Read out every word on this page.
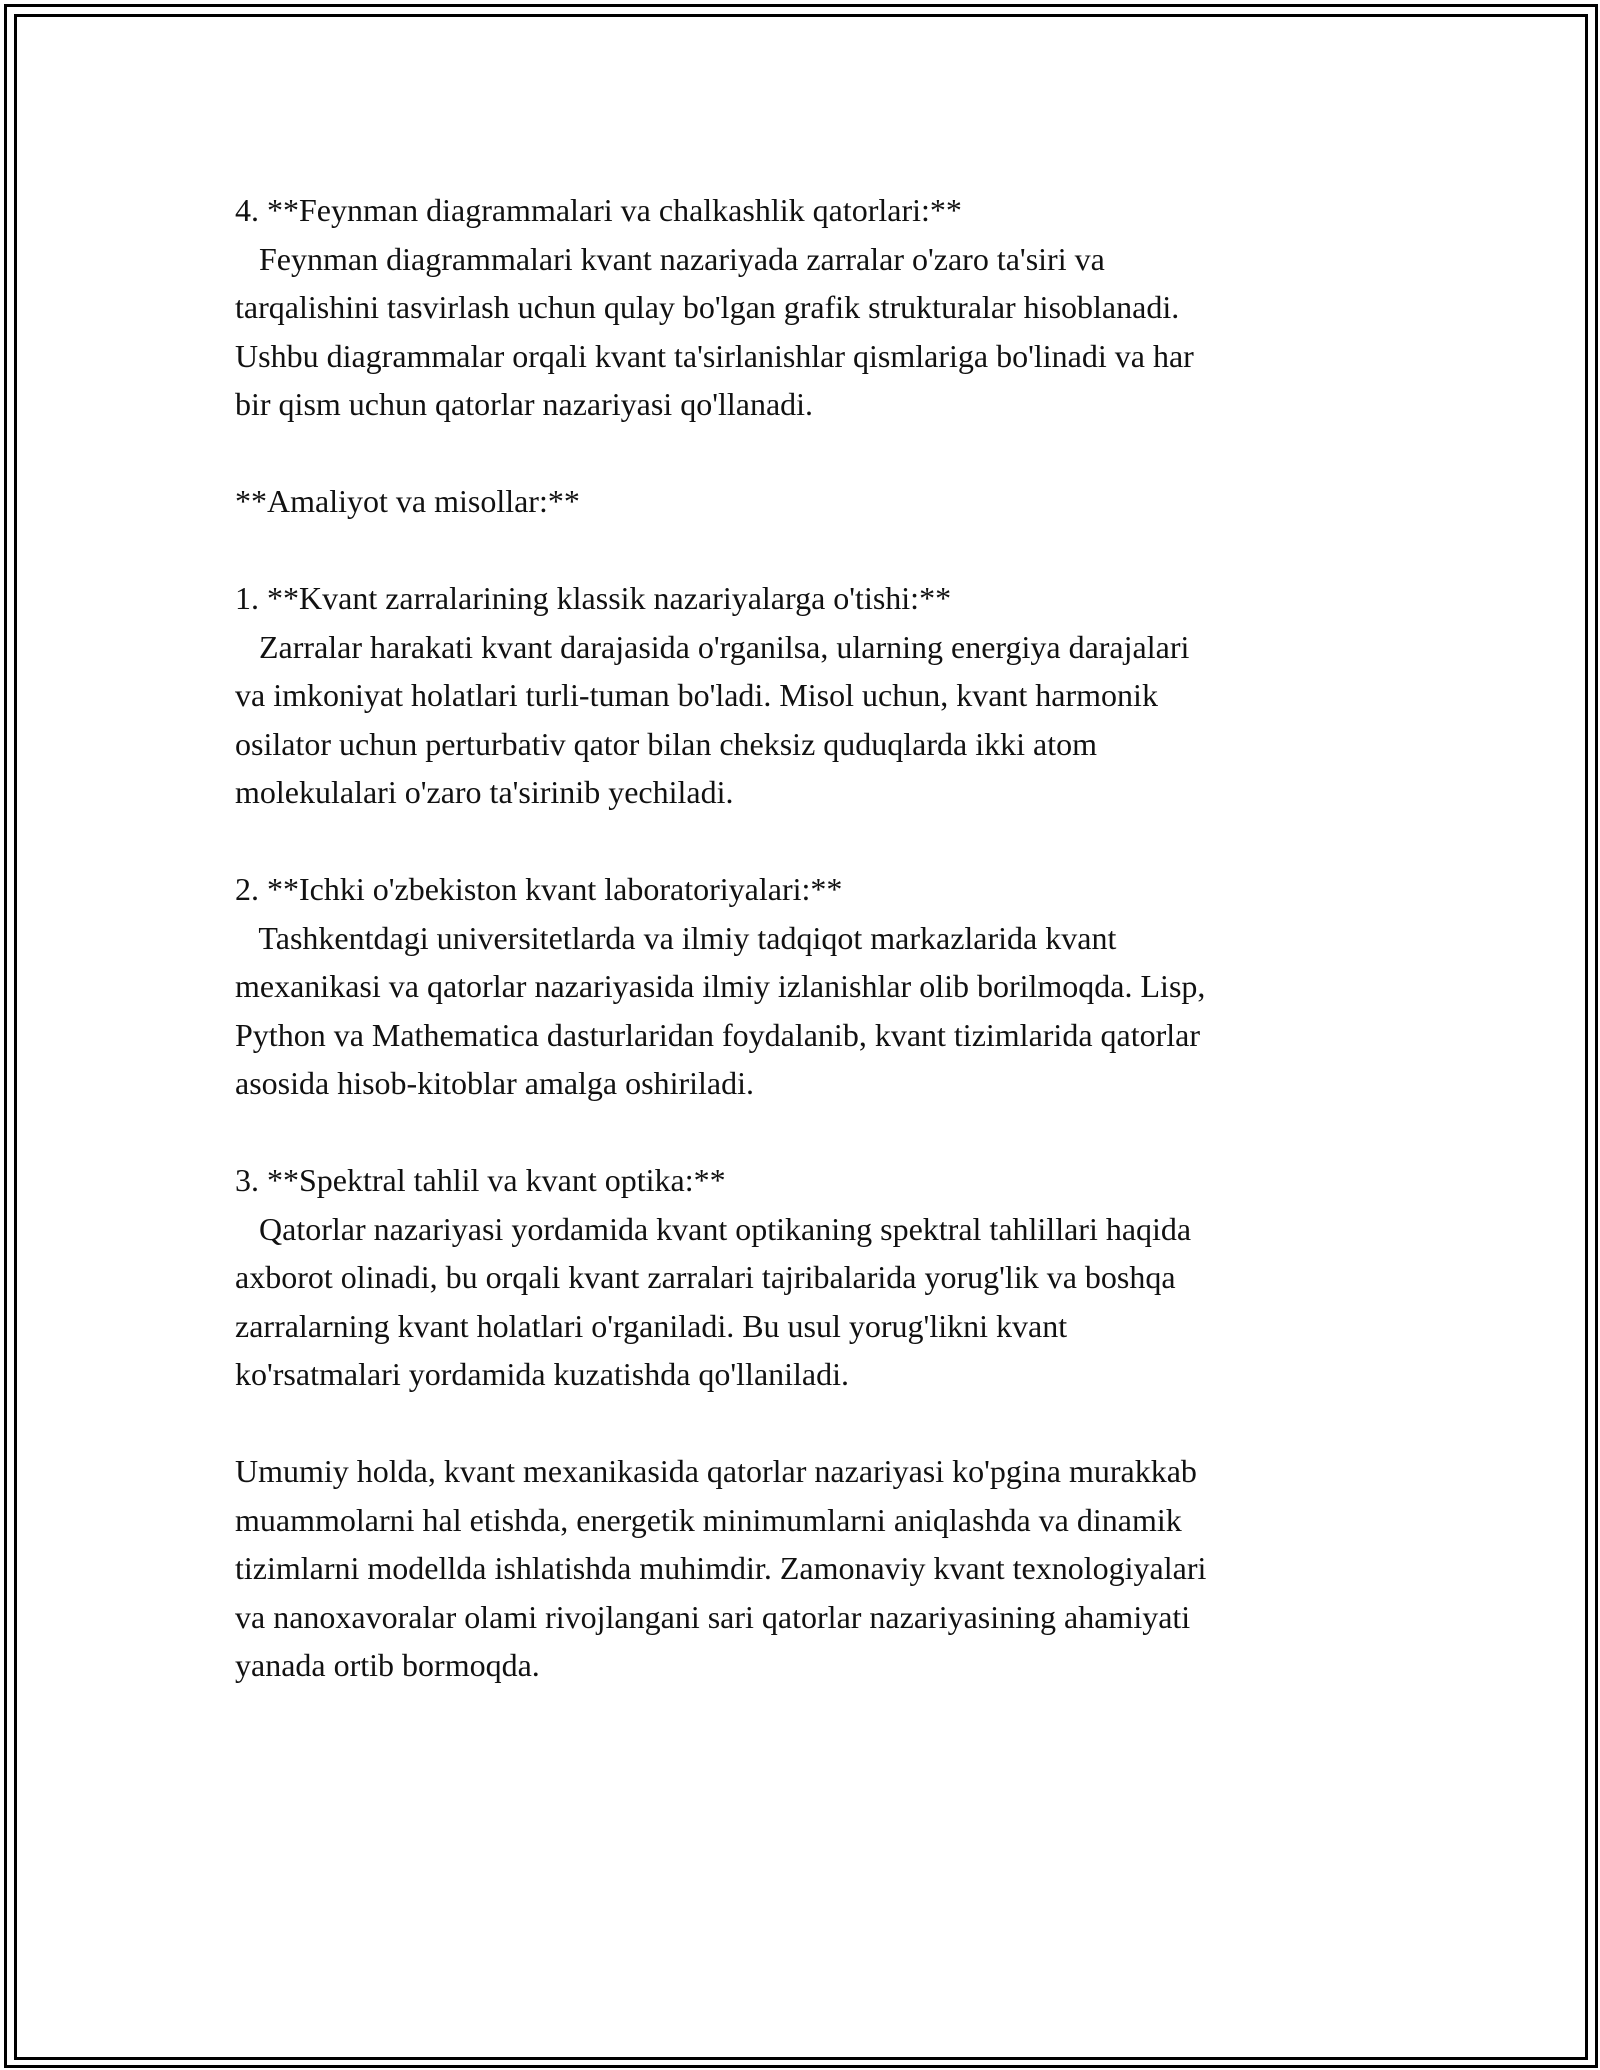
4. **Feynman diagrammalari va chalkashlik qatorlari:**
Feynman diagrammalari kvant nazariyada zarralar o'zaro ta'siri va
tarqalishini tasvirlash uchun qulay bo'lgan grafik strukturalar hisoblanadi.
Ushbu diagrammalar orqali kvant ta'sirlanishlar qismlariga bo'linadi va har
bir qism uchun qatorlar nazariyasi qo'llanadi.
**Amaliyot va misollar:**
1. **Kvant zarralarining klassik nazariyalarga o'tishi:**
Zarralar harakati kvant darajasida o'rganilsa, ularning energiya darajalari
va imkoniyat holatlari turli-tuman bo'ladi. Misol uchun, kvant harmonik
osilator uchun perturbativ qator bilan cheksiz quduqlarda ikki atom
molekulalari o'zaro ta'sirinib yechiladi.
2. **Ichki o'zbekiston kvant laboratoriyalari:**
Tashkentdagi universitetlarda va ilmiy tadqiqot markazlarida kvant
mexanikasi va qatorlar nazariyasida ilmiy izlanishlar olib borilmoqda. Lisp,
Python va Mathematica dasturlaridan foydalanib, kvant tizimlarida qatorlar
asosida hisob-kitoblar amalga oshiriladi.
3. **Spektral tahlil va kvant optika:**
Qatorlar nazariyasi yordamida kvant optikaning spektral tahlillari haqida
axborot olinadi, bu orqali kvant zarralari tajribalarida yorug'lik va boshqa
zarralarning kvant holatlari o'rganiladi. Bu usul yorug'likni kvant
ko'rsatmalari yordamida kuzatishda qo'llaniladi.
Umumiy holda, kvant mexanikasida qatorlar nazariyasi ko'pgina murakkab
muammolarni hal etishda, energetik minimumlarni aniqlashda va dinamik
tizimlarni modellda ishlatishda muhimdir. Zamonaviy kvant texnologiyalari
va nanoxavoralar olami rivojlangani sari qatorlar nazariyasining ahamiyati
yanada ortib bormoqda.
